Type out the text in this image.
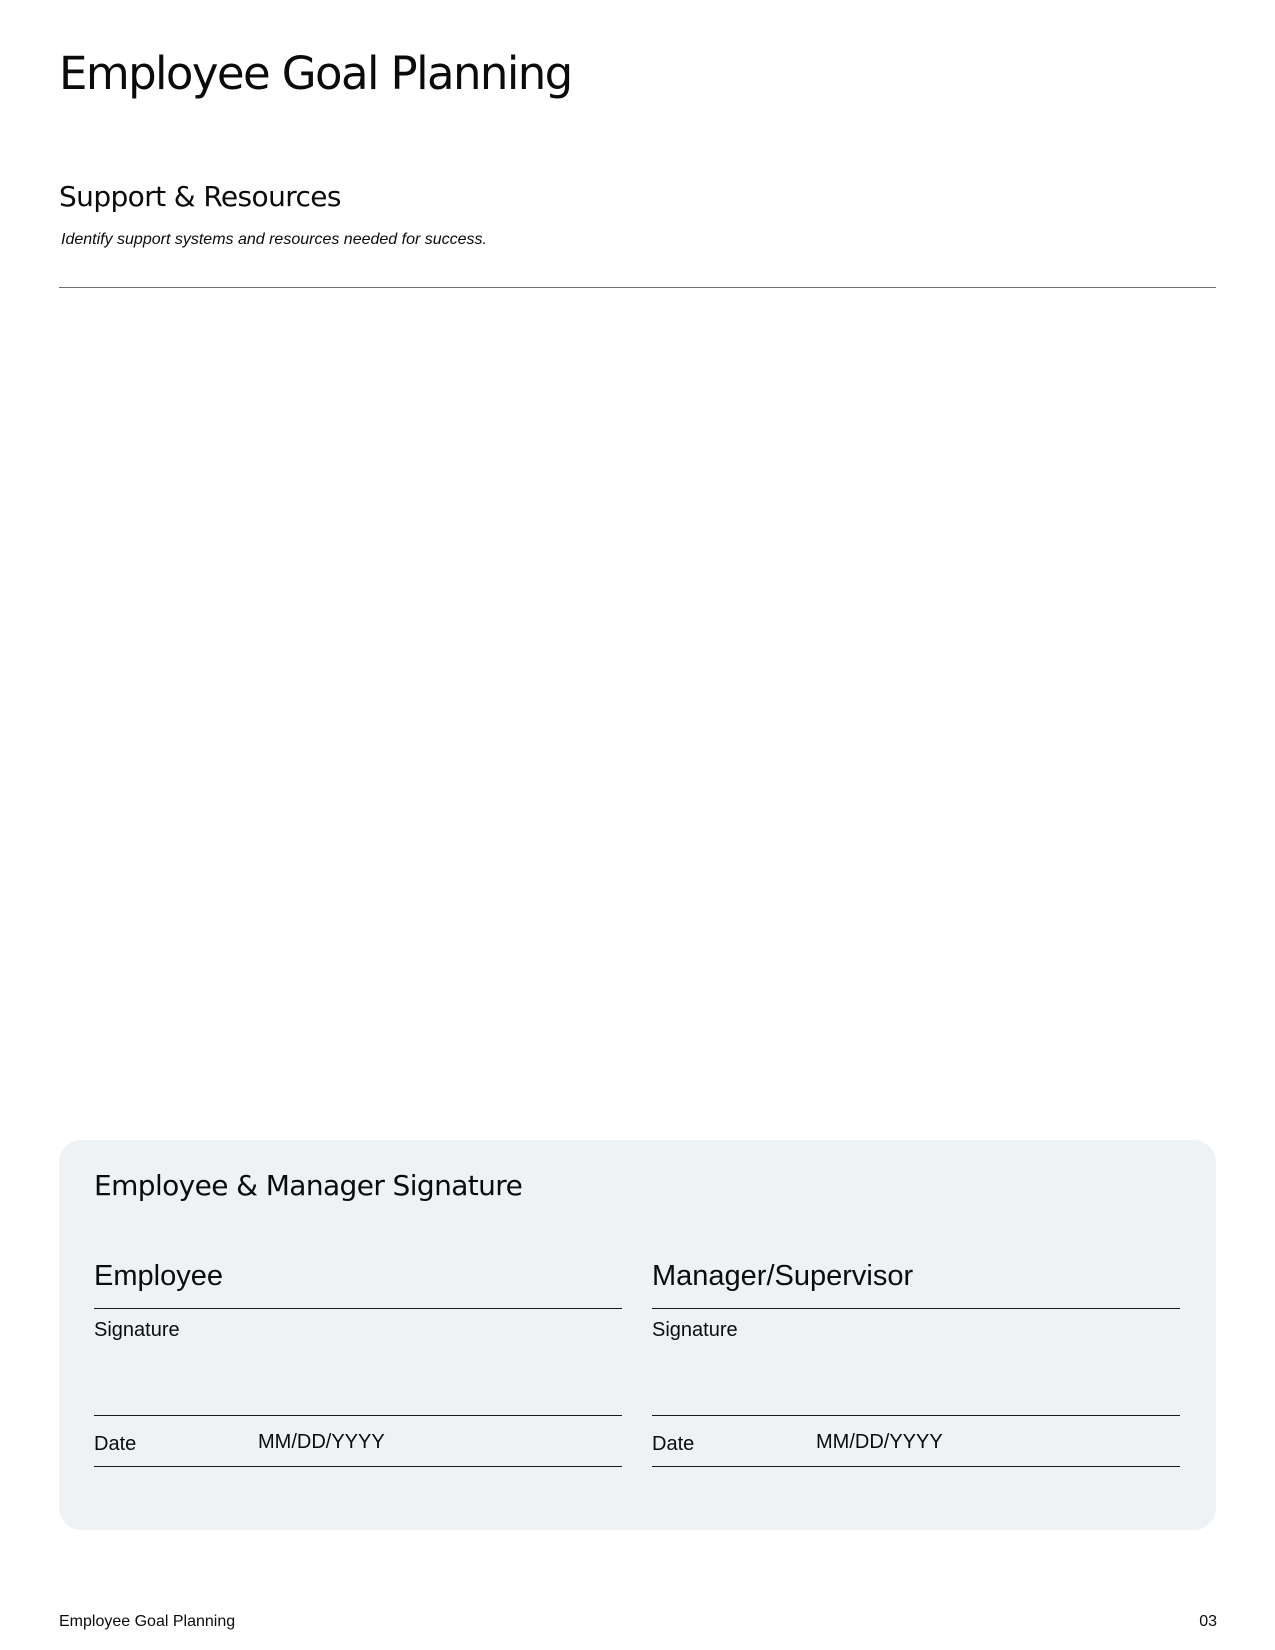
Employee Goal Planning
Support & Resources

Identify support systems and resources needed for success.

Employee & Manager Signature
Employee
Signature
Date	MM/DD/YYYY
Manager/Supervisor
Signature
Date	MM/DD/YYYY
Employee Goal Planning	03
